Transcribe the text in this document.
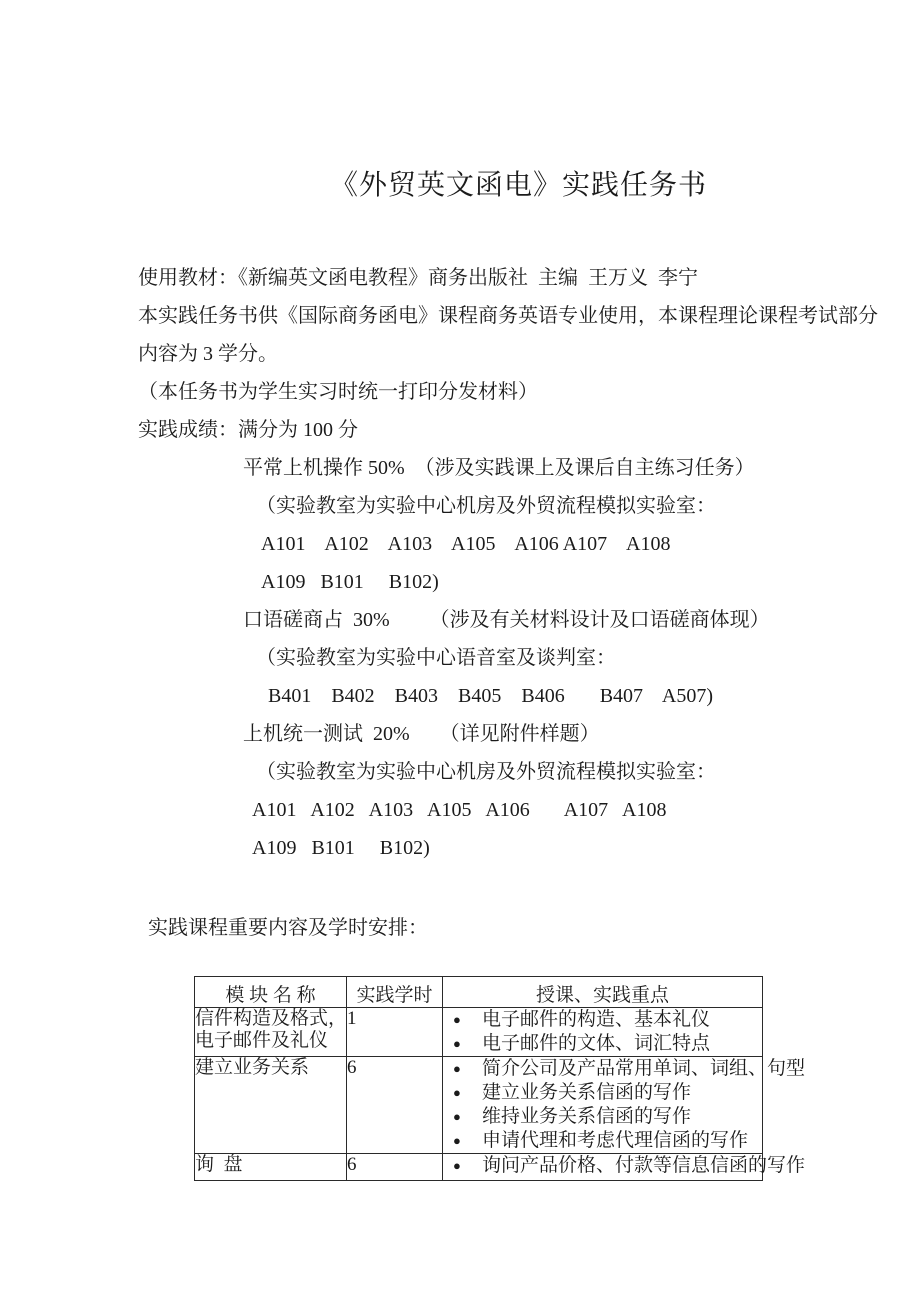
《外贸英文函电》实践任务书
使用教材：《新编英文函电教程》商务出版社  主编  王万义  李宁
本实践任务书供《国际商务函电》课程商务英语专业使用，本课程理论课程考试部分
内容为 3 学分。
（本任务书为学生实习时统一打印分发材料）
实践成绩：满分为 100 分
平常上机操作 50%  （涉及实践课上及课后自主练习任务）
（实验教室为实验中心机房及外贸流程模拟实验室：
A101    A102    A103    A105    A106 A107    A108
A109   B101     B102)
口语磋商占  30%        （涉及有关材料设计及口语磋商体现）
（实验教室为实验中心语音室及谈判室：
B401    B402    B403    B405    B406       B407    A507)
上机统一测试  20%      （详见附件样题）
（实验教室为实验中心机房及外贸流程模拟实验室：
A101   A102   A103   A105   A106       A107   A108
A109   B101     B102)
实践课程重要内容及学时安排：
模 块 名 称	实践学时	授课、实践重点

信件构造及格式，
电子邮件及礼仪
	1	●	电子邮件的构造、基本礼仪
●	电子邮件的文体、词汇特点

建立业务关系	6	●	简介公司及产品常用单词、词组、句型
●	建立业务关系信函的写作
●	维持业务关系信函的写作
●	申请代理和考虑代理信函的写作

询  盘	6	● 询问产品价格、付款等信息信函的写作
